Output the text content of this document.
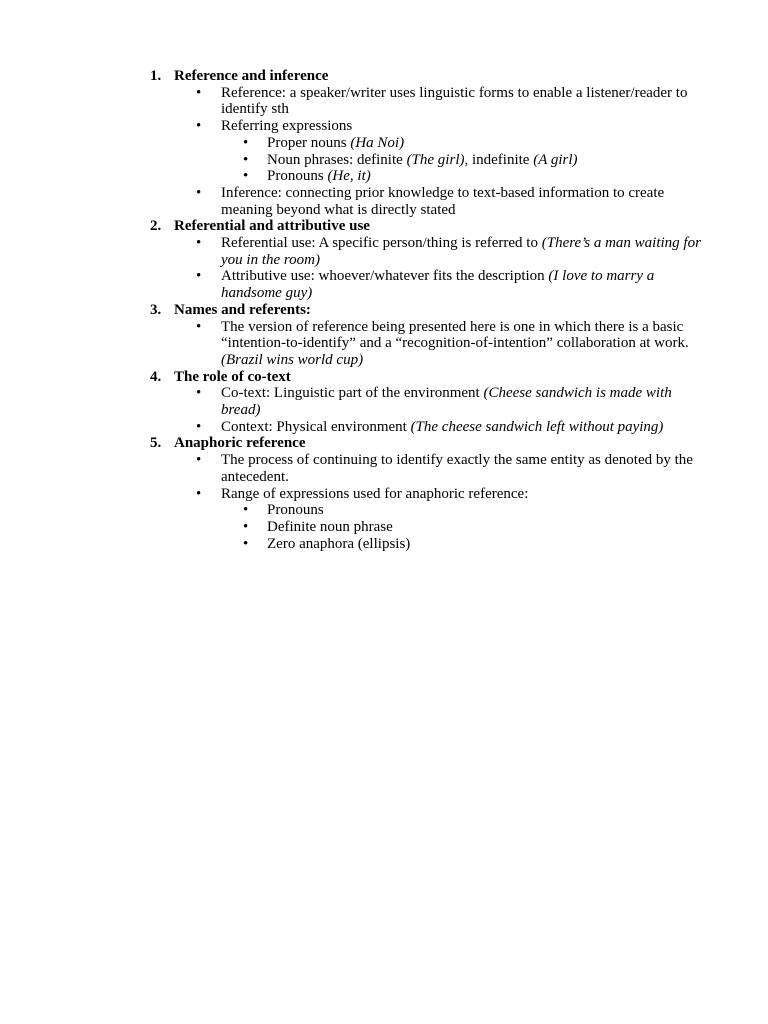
1. Reference and inference
• Reference: a speaker/writer uses linguistic forms to enable a listener/reader to identify sth
• Referring expressions
• Proper nouns (Ha Noi)
• Noun phrases: definite (The girl), indefinite (A girl)
• Pronouns (He, it)
• Inference: connecting prior knowledge to text-based information to create meaning beyond what is directly stated
2. Referential and attributive use
• Referential use: A specific person/thing is referred to (There’s a man waiting for you in the room)
• Attributive use: whoever/whatever fits the description (I love to marry a handsome guy)
3. Names and referents:
• The version of reference being presented here is one in which there is a basic “intention-to-identify” and a “recognition-of-intention” collaboration at work. (Brazil wins world cup)
4. The role of co-text
• Co-text: Linguistic part of the environment (Cheese sandwich is made with bread)
• Context: Physical environment (The cheese sandwich left without paying)
5. Anaphoric reference
• The process of continuing to identify exactly the same entity as denoted by the antecedent.
• Range of expressions used for anaphoric reference:
• Pronouns
• Definite noun phrase
• Zero anaphora (ellipsis)
